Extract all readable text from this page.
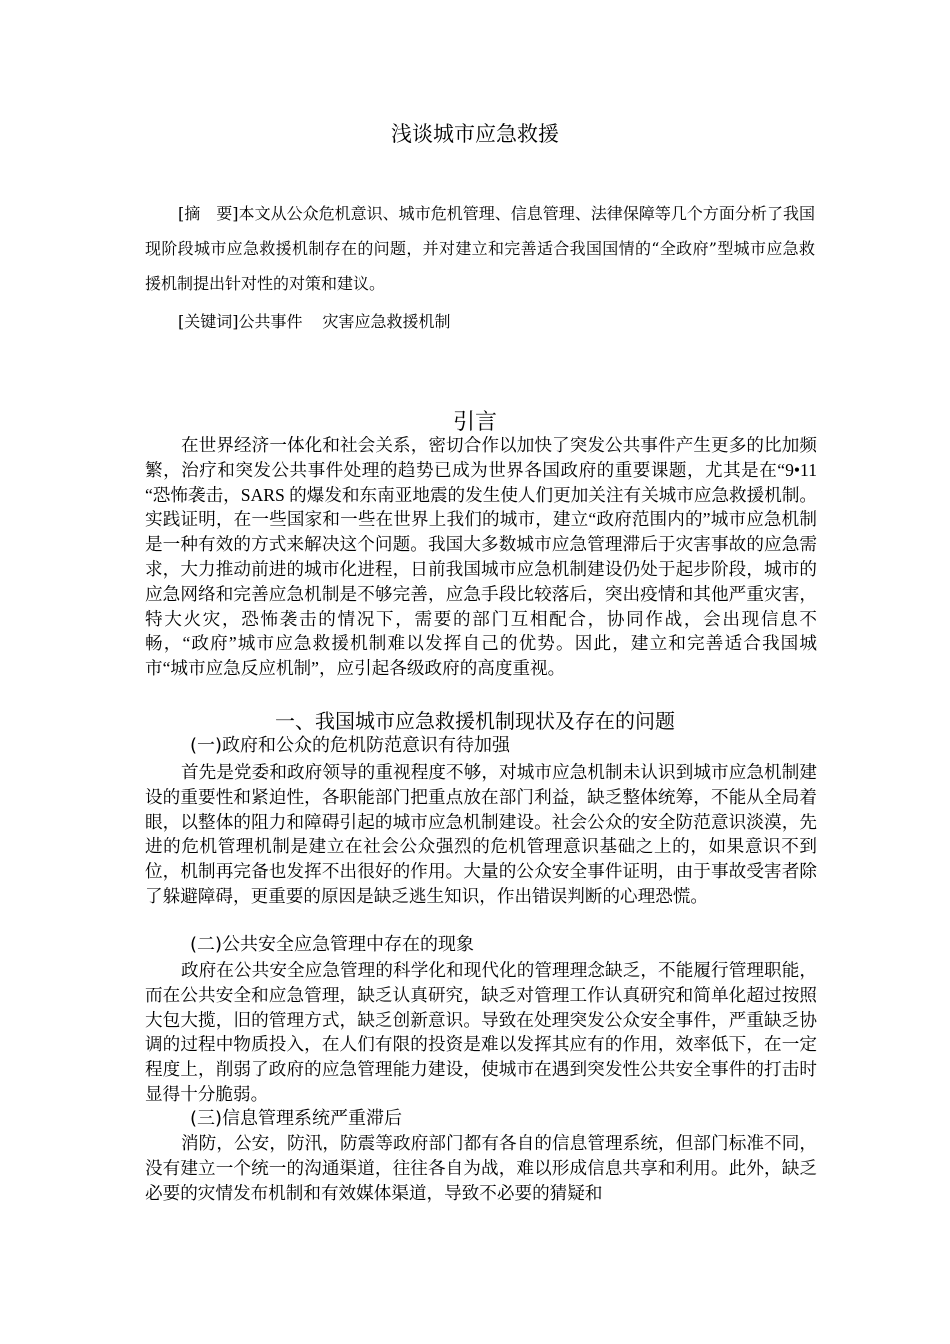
浅谈城市应急救援
[摘　要]本文从公众危机意识、城市危机管理、信息管理、法律保障等几个方面分析了我国现阶段城市应急救援机制存在的问题，并对建立和完善适合我国国情的“全政府”型城市应急救援机制提出针对性的对策和建议。
[关键词]公共事件 灾害应急救援机制
引言

在世界经济一体化和社会关系，密切合作以加快了突发公共事件产生更多的比加频繁，治疗和突发公共事件处理的趋势已成为世界各国政府的重要课题，尤其是在“9•11 “恐怖袭击，SARS 的爆发和东南亚地震的发生使人们更加关注有关城市应急救援机制。实践证明，在一些国家和一些在世界上我们的城市，建立“政府范围内的”城市应急机制是一种有效的方式来解决这个问题。我国大多数城市应急管理滞后于灾害事故的应急需求，大力推动前进的城市化进程，日前我国城市应急机制建设仍处于起步阶段，城市的应急网络和完善应急机制是不够完善，应急手段比较落后，突出疫情和其他严重灾害，特大火灾，恐怖袭击的情况下，需要的部门互相配合，协同作战，会出现信息不畅，“政府”城市应急救援机制难以发挥自己的优势。因此，建立和完善适合我国城市“城市应急反应机制”，应引起各级政府的高度重视。

一、我国城市应急救援机制现状及存在的问题
(一)政府和公众的危机防范意识有待加强

首先是党委和政府领导的重视程度不够，对城市应急机制未认识到城市应急机制建设的重要性和紧迫性，各职能部门把重点放在部门利益，缺乏整体统筹，不能从全局着眼，以整体的阻力和障碍引起的城市应急机制建设。社会公众的安全防范意识淡漠，先进的危机管理机制是建立在社会公众强烈的危机管理意识基础之上的，如果意识不到位，机制再完备也发挥不出很好的作用。大量的公众安全事件证明，由于事故受害者除了躲避障碍，更重要的原因是缺乏逃生知识，作出错误判断的心理恐慌。

(二)公共安全应急管理中存在的现象

政府在公共安全应急管理的科学化和现代化的管理理念缺乏，不能履行管理职能，而在公共安全和应急管理，缺乏认真研究，缺乏对管理工作认真研究和简单化超过按照大包大揽，旧的管理方式，缺乏创新意识。导致在处理突发公众安全事件，严重缺乏协调的过程中物质投入，在人们有限的投资是难以发挥其应有的作用，效率低下，在一定程度上，削弱了政府的应急管理能力建设，使城市在遇到突发性公共安全事件的打击时显得十分脆弱。

(三)信息管理系统严重滞后

消防，公安，防汛，防震等政府部门都有各自的信息管理系统，但部门标准不同，没有建立一个统一的沟通渠道，往往各自为战，难以形成信息共享和利用。此外，缺乏必要的灾情发布机制和有效媒体渠道，导致不必要的猜疑和
